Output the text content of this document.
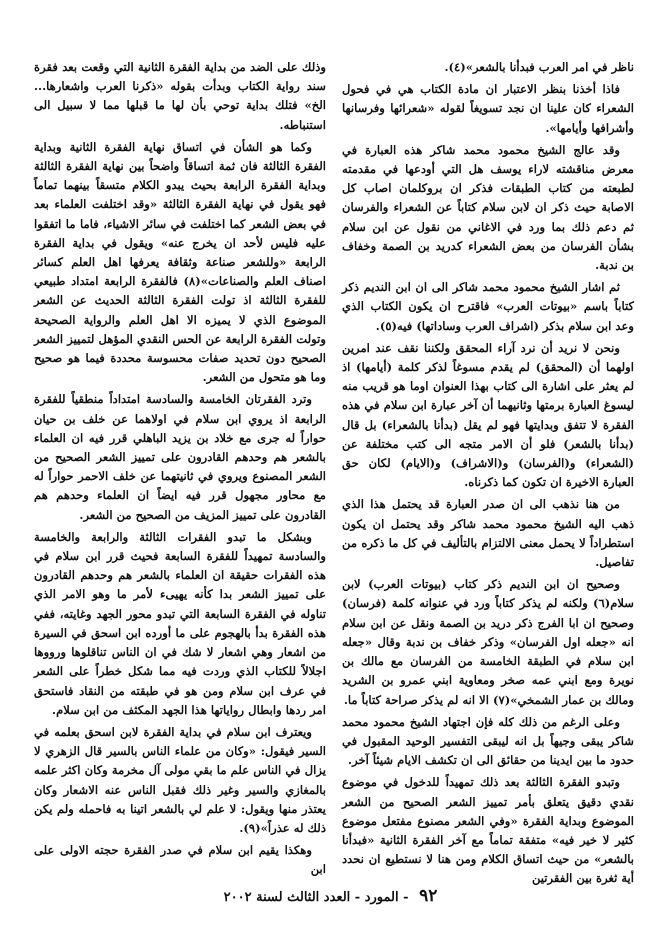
ناظر في امر العرب فبدأنا بالشعر»(٤).

فاذا أخذنا بنظر الاعتبار ان مادة الكتاب هي في فحول الشعراء كان علينا ان نجد تسويغاً لقوله «شعرائها وفرسانها وأشرافها وأيامها».

وقد عالج الشيخ محمود محمد شاكر هذه العبارة في معرض مناقشته لاراء يوسف هل التي أودعها في مقدمته لطبعته من كتاب الطبقات فذكر ان بروكلمان اصاب كل الاصابة حيث ذكر ان لابن سلام كتاباً عن الشعراء والفرسان ثم دعم ذلك بما ورد في الاغاني من نقول عن ابن سلام بشأن الفرسان من بعض الشعراء كدريد بن الصمة وخفاف بن ندبة.

ثم اشار الشيخ محمود محمد شاكر الى ان ابن النديم ذكر كتاباً باسم «بيوتات العرب» فاقترح ان يكون الكتاب الذي وعد ابن سلام بذكر (اشراف العرب وساداتها) فيه(٥).

ونحن لا نريد أن نرد آراء المحقق ولكننا نقف عند امرين اولهما أن (المحقق) لم يقدم مسوغاً لذكر كلمة (أيامها) اذ لم يعثر على اشارة الى كتاب بهذا العنوان اوما هو قريب منه ليسوغ العبارة برمتها وثانيهما أن آخر عبارة ابن سلام في هذه الفقرة لا تتفق وبدايتها فهو لم يقل (بدأنا بالشعراء) بل قال (بدأنا بالشعر) فلو أن الامر متجه الى كتب مختلفة عن (الشعراء) و(الفرسان) و(الاشراف) و(الايام) لكان حق العبارة الاخيرة ان تكون كما ذكرناه.

من هنا نذهب الى ان صدر العبارة قد يحتمل هذا الذي ذهب اليه الشيخ محمود محمد شاكر وقد يحتمل ان يكون استطراداً لا يحمل معنى الالتزام بالتأليف في كل ما ذكره من تفاصيل.

وصحيح ان ابن النديم ذكر كتاب (بيوتات العرب) لابن سلام(٦) ولكنه لم يذكر كتاباً ورد في عنوانه كلمة (فرسان) وصحيح ان ابا الفرج ذكر دريد بن الصمة ونقل عن ابن سلام انه «جعله اول الفرسان» وذكر خفاف بن ندبة وقال «جعله ابن سلام في الطبقة الخامسة من الفرسان مع مالك بن نويرة ومع ابني عمه صخر ومعاوية ابني عمرو بن الشريد ومالك بن عمار الشمخي»(٧) الا انه لم يذكر صراحة كتاباً ما.

وعلى الرغم من ذلك كله فإن اجتهاد الشيخ محمود محمد شاكر يبقى وجيهاً بل انه ليبقى التفسير الوحيد المقبول في حدود ما بين ايدينا من حقائق الى ان تكشف الايام شيئاً آخر.

وتبدو الفقرة الثالثة بعد ذلك تمهيداً للدخول في موضوع نقدي دقيق يتعلق بأمر تمييز الشعر الصحيح من الشعر الموضوع وبداية الفقرة «وفي الشعر مصنوع مفتعل موضوع كثير لا خير فيه» متفقة تماماً مع آخر الفقرة الثانية «فبدأنا بالشعر» من حيث اتساق الكلام ومن هنا لا نستطيع ان نحدد أية ثغرة بين الفقرتين

وذلك على الضد من بداية الفقرة الثانية التي وقعت بعد فقرة سند رواية الكتاب وبدأت بقوله «ذكرنا العرب واشعارها... الخ» فتلك بداية توحي بأن لها ما قبلها مما لا سبيل الى استنباطه.

وكما هو الشأن في اتساق نهاية الفقرة الثانية وبداية الفقرة الثالثة فان ثمة اتساقاً واضحاً بين نهاية الفقرة الثالثة وبداية الفقرة الرابعة بحيث يبدو الكلام متسقاً بينهما تماماً فهو يقول في نهاية الفقرة الثالثة «وقد اختلفت العلماء بعد في بعض الشعر كما اختلفت في سائر الاشياء، فاما ما اتفقوا عليه فليس لأحد ان يخرج عنه» ويقول في بداية الفقرة الرابعة «وللشعر صناعة وثقافة يعرفها اهل العلم كسائر اصناف العلم والصناعات»(٨) فالفقرة الرابعة امتداد طبيعي للفقرة الثالثة اذ تولت الفقرة الثالثة الحديث عن الشعر الموضوع الذي لا يميزه الا اهل العلم والرواية الصحيحة وتولت الفقرة الرابعة عن الحس النقدي المؤهل لتمييز الشعر الصحيح دون تحديد صفات محسوسة محددة فيما هو صحيح وما هو متحول من الشعر.

وترد الفقرتان الخامسة والسادسة امتداداً منطقياً للفقرة الرابعة اذ يروي ابن سلام في اولاهما عن خلف بن حيان حواراً له جرى مع خلاد بن يزيد الباهلي قرر فيه ان العلماء بالشعر هم وحدهم القادرون على تمييز الشعر الصحيح من الشعر المصنوع ويروي في ثانيتهما عن خلف الاحمر حواراً له مع محاور مجهول قرر فيه ايضاً ان العلماء وحدهم هم القادرون على تمييز المزيف من الصحيح من الشعر.

وبشكل ما تبدو الفقرات الثالثة والرابعة والخامسة والسادسة تمهيداً للفقرة السابعة فحيث قرر ابن سلام في هذه الفقرات حقيقة ان العلماء بالشعر هم وحدهم القادرون على تمييز الشعر بدا كأنه يهيىء لأمر ما وهو الامر الذي تناوله في الفقرة السابعة التي تبدو محور الجهد وغايته، ففي هذه الفقرة بدأ بالهجوم على ما أورده ابن اسحق في السيرة من اشعار وهي اشعار لا شك في ان الناس تناقلوها ورووها اجلالاً للكتاب الذي وردت فيه مما شكل خطراً على الشعر في عرف ابن سلام ومن هو في طبقته من النقاد فاستحق امر ردها وابطال رواياتها هذا الجهد المكثف من ابن سلام.

ويعترف ابن سلام في بداية الفقرة لابن اسحق بعلمه في السير فيقول: «وكان من علماء الناس بالسير قال الزهري لا يزال في الناس علم ما بقي مولى آل مخرمة وكان اكثر علمه بالمغازي والسير وغير ذلك فقبل الناس عنه الاشعار وكان يعتذر منها ويقول: لا علم لي بالشعر اتينا به فاحمله ولم يكن ذلك له عذراً»(٩).

وهكذا يقيم ابن سلام في صدر الفقرة حجته الاولى على ابن

٩٢ - المورد - العدد الثالث لسنة ٢٠٠٢
